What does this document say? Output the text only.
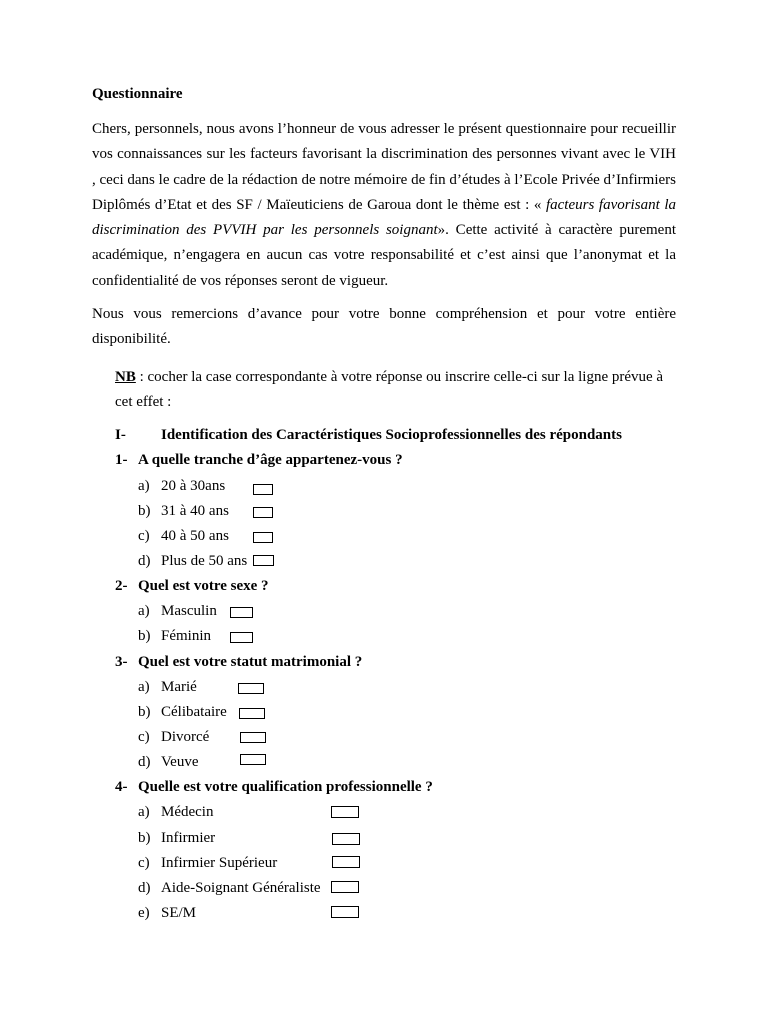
Questionnaire

Chers, personnels, nous avons l’honneur de vous adresser le présent questionnaire pour recueillir vos connaissances sur les facteurs favorisant la discrimination des personnes vivant avec le VIH , ceci dans le cadre de la rédaction de notre mémoire de fin d’études à l’Ecole Privée d’Infirmiers Diplômés d’Etat et des SF / Maïeuticiens de Garoua dont le thème est : « facteurs favorisant la discrimination des PVVIH par les personnels soignant». Cette activité à caractère purement académique, n’engagera en aucun cas votre responsabilité et c’est ainsi que l’anonymat et la confidentialité de vos réponses seront de vigueur.

Nous vous remercions d’avance pour votre bonne compréhension et pour votre entière disponibilité.

NB : cocher la case correspondante à votre réponse ou inscrire celle-ci sur la ligne prévue à cet effet :

I- Identification des Caractéristiques Socioprofessionnelles des répondants
1- A quelle tranche d’âge appartenez-vous ?
a) 20 à 30ans
b) 31 à 40 ans
c) 40 à 50 ans
d) Plus de 50 ans
2- Quel est votre sexe ?
a) Masculin
b) Féminin
3- Quel est votre statut matrimonial ?
a) Marié
b) Célibataire
c) Divorcé
d) Veuve
4- Quelle est votre qualification professionnelle ?
a) Médecin
b) Infirmier
c) Infirmier Supérieur
d) Aide-Soignant Généraliste
e) SE/M
